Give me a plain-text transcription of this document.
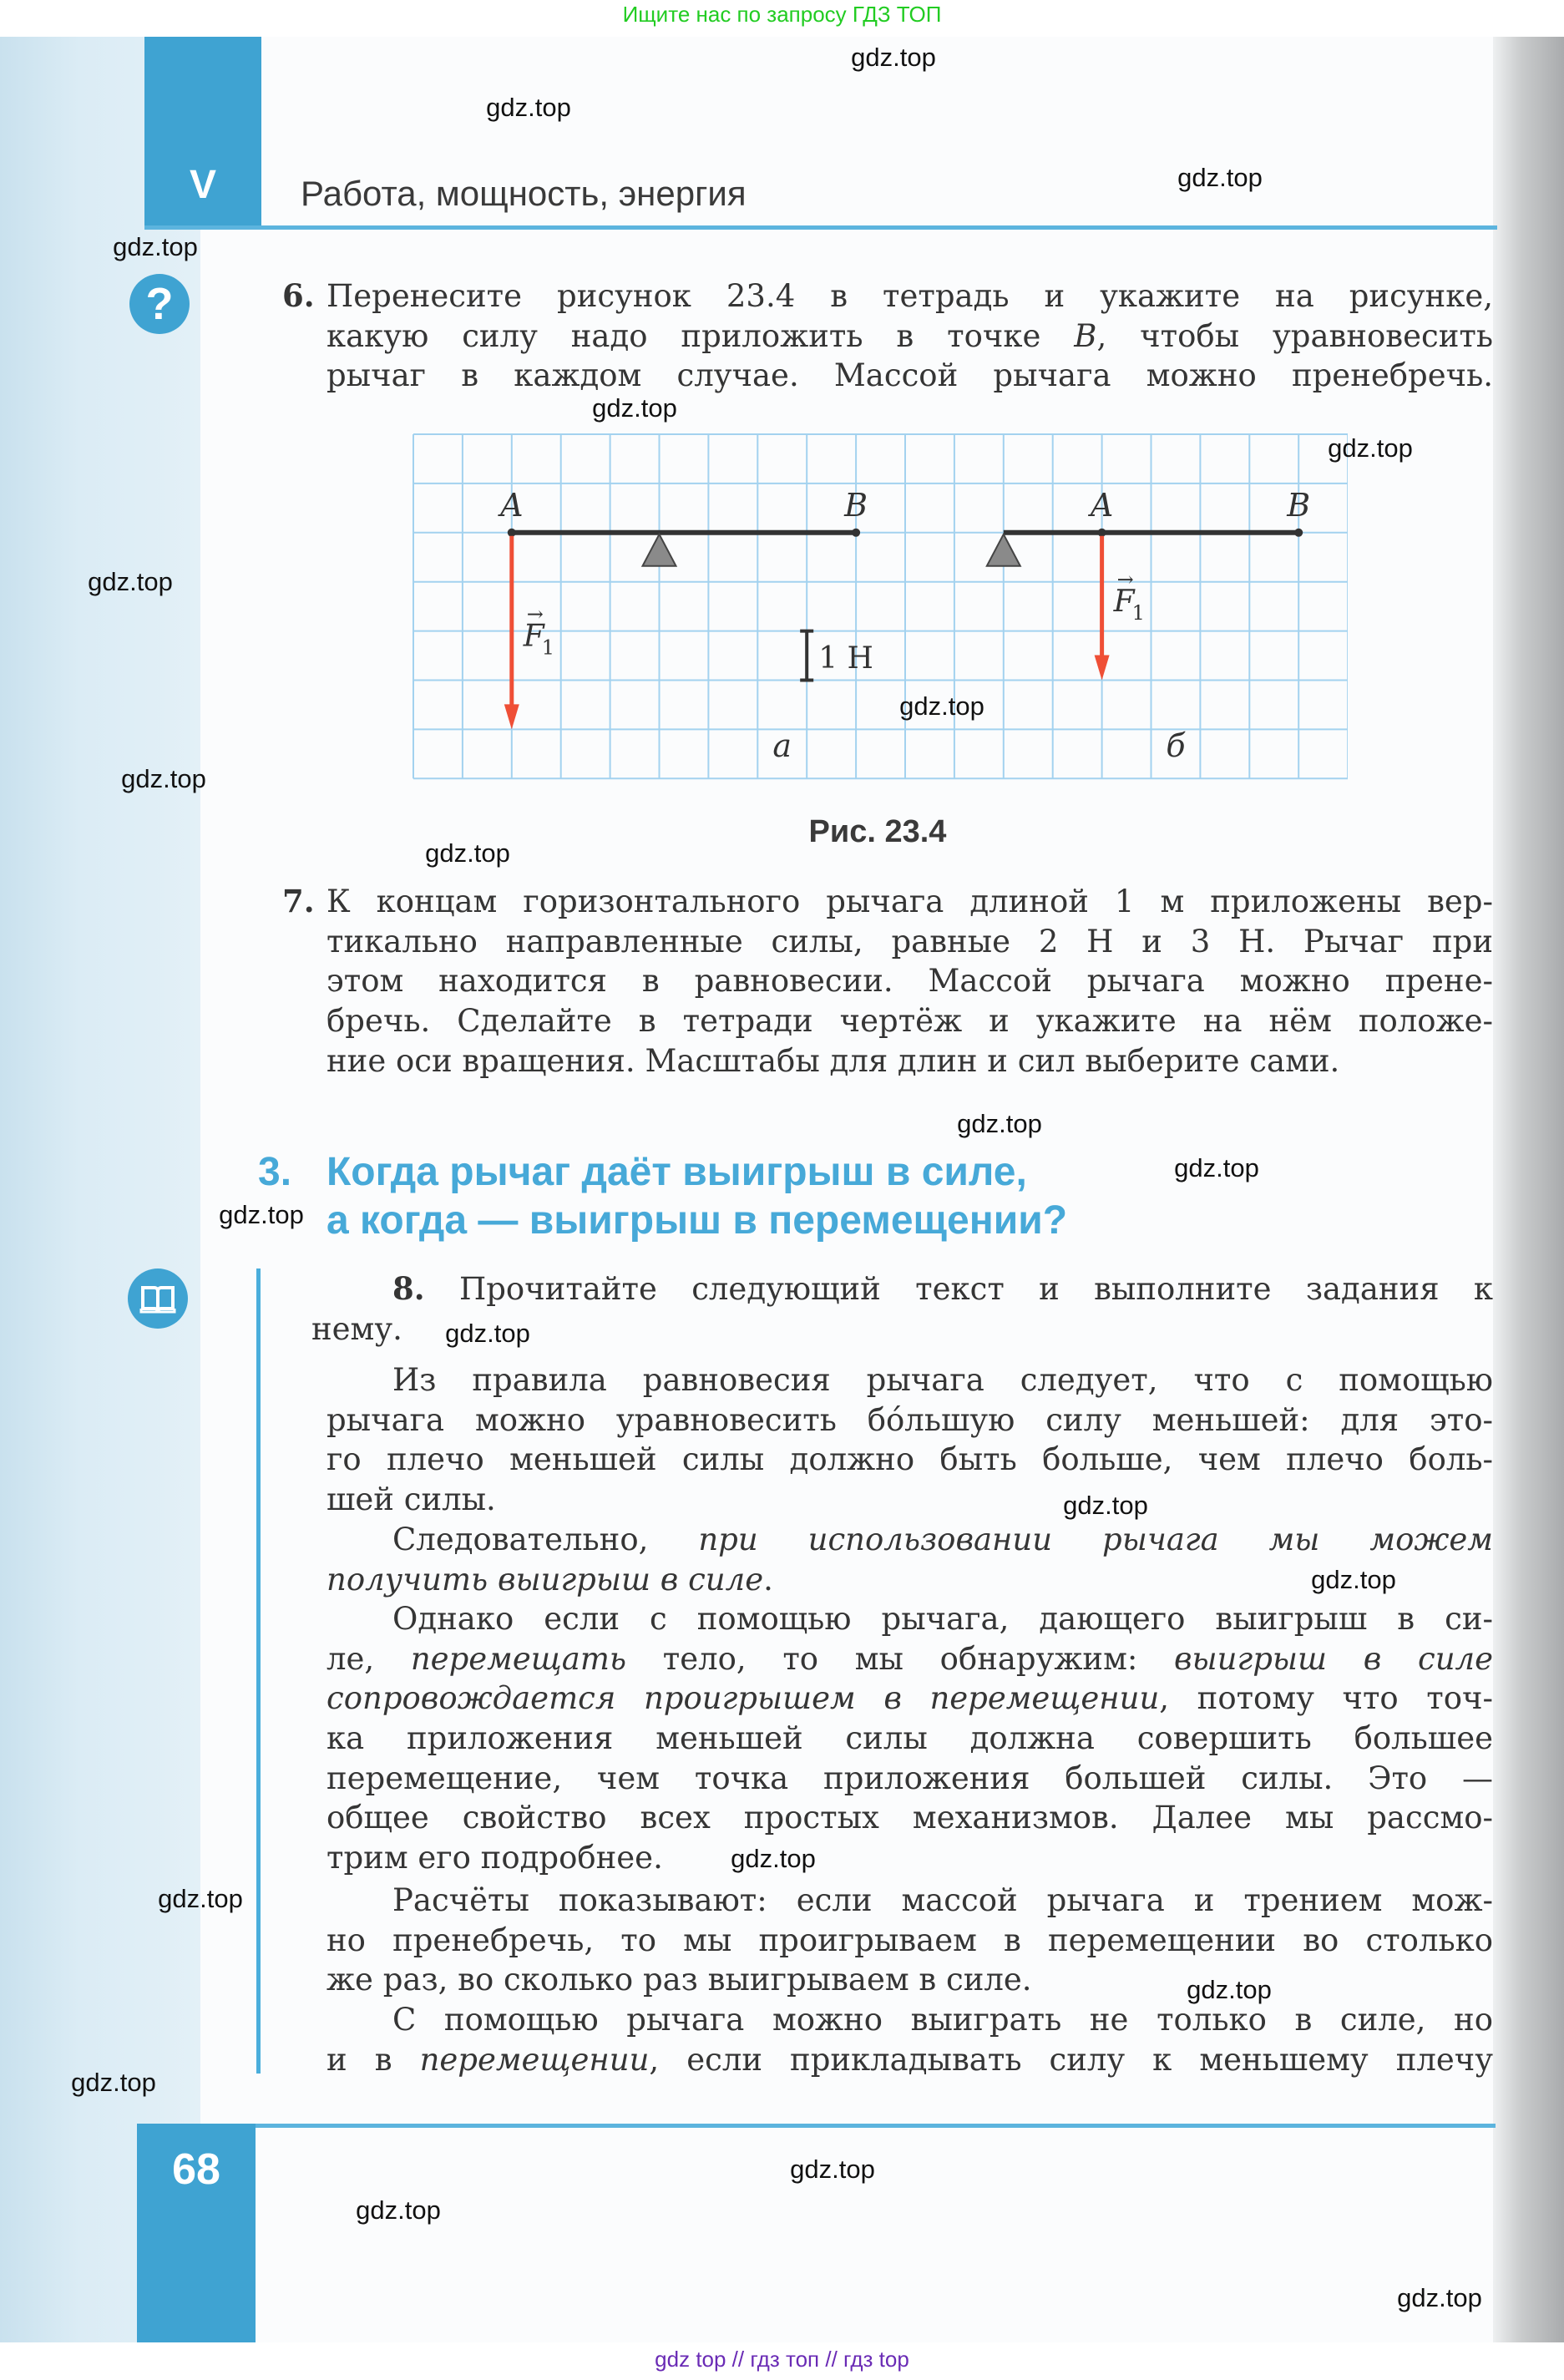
Ищите нас по запросу ГДЗ ТОП
V	Работа, мощность, энергия
?
68
6. Перенесите рисунок 23.4 в тетрадь и укажите на рисунке,
какую силу надо приложить в точке B, чтобы уравновесить
рычаг в каждом случае. Массой рычага можно пренебречь.
A	B
F
1
→
а
A	B
F
1
→
б
1 Н
Рис. 23.4
7. К концам горизонтального рычага длиной 1 м приложены вер-
тикально направленные силы, равные 2 Н и 3 Н. Рычаг при
этом находится в равновесии. Массой рычага можно прене-
бречь. Сделайте в тетради чертёж и укажите на нём положе-
ние оси вращения. Масштабы для длин и сил выберите сами.
3. Когда рычаг даёт выигрыш в силе,
а когда — выигрыш в перемещении?
8. Прочитайте следующий текст и выполните задания к
нему.
Из правила равновесия рычага следует, что с помощью
рычага можно уравновесить бóльшую силу меньшей: для это-
го плечо меньшей силы должно быть больше, чем плечо боль-
шей силы.
Следовательно, при использовании рычага мы можем
получить выигрыш в силе.
Однако если с помощью рычага, дающего выигрыш в си-
ле, перемещать тело, то мы обнаружим: выигрыш в силе
сопровождается проигрышем в перемещении, потому что точ-
ка приложения меньшей силы должна совершить большее
перемещение, чем точка приложения большей силы. Это —
общее свойство всех простых механизмов. Далее мы рассмо-
трим его подробнее.
Расчёты показывают: если массой рычага и трением мож-
но пренебречь, то мы проигрываем в перемещении во столько
же раз, во сколько раз выигрываем в силе.
С помощью рычага можно выиграть не только в силе, но
и в перемещении, если прикладывать силу к меньшему плечу
gdz top // гдз топ // гдз top
gdz.top
gdz.top
gdz.top
gdz.top
gdz.top
gdz.top
gdz.top
gdz.top
gdz.top
gdz.top
gdz.top
gdz.top
gdz.top
gdz.top
gdz.top
gdz.top
gdz.top
gdz.top
gdz.top
gdz.top
gdz.top
gdz.top
gdz.top
